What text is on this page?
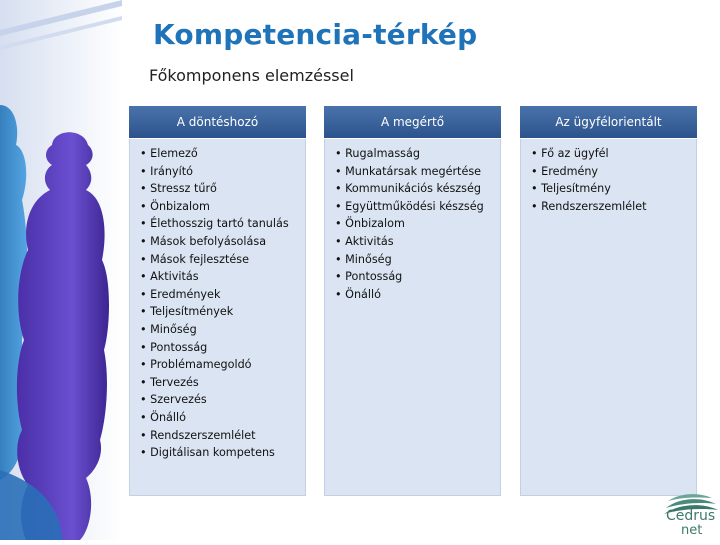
Kompetencia-térkép
Főkomponens elemzéssel
A döntéshozó
• Elemező
• Irányító
• Stressz tűrő
• Önbizalom
• Élethosszig tartó tanulás
• Mások befolyásolása
• Mások fejlesztése
• Aktivitás
• Eredmények
• Teljesítmények
• Minőség
• Pontosság
• Problémamegoldó
• Tervezés
• Szervezés
• Önálló
• Rendszerszemlélet
• Digitálisan kompetens
A megértő
• Rugalmasság
• Munkatársak megértése
• Kommunikációs készség
• Együttműködési készség
• Önbizalom
• Aktivitás
• Minőség
• Pontosság
• Önálló
Az ügyfélorientált
• Fő az ügyfél
• Eredmény
• Teljesítmény
• Rendszerszemlélet
Cedrus
net
